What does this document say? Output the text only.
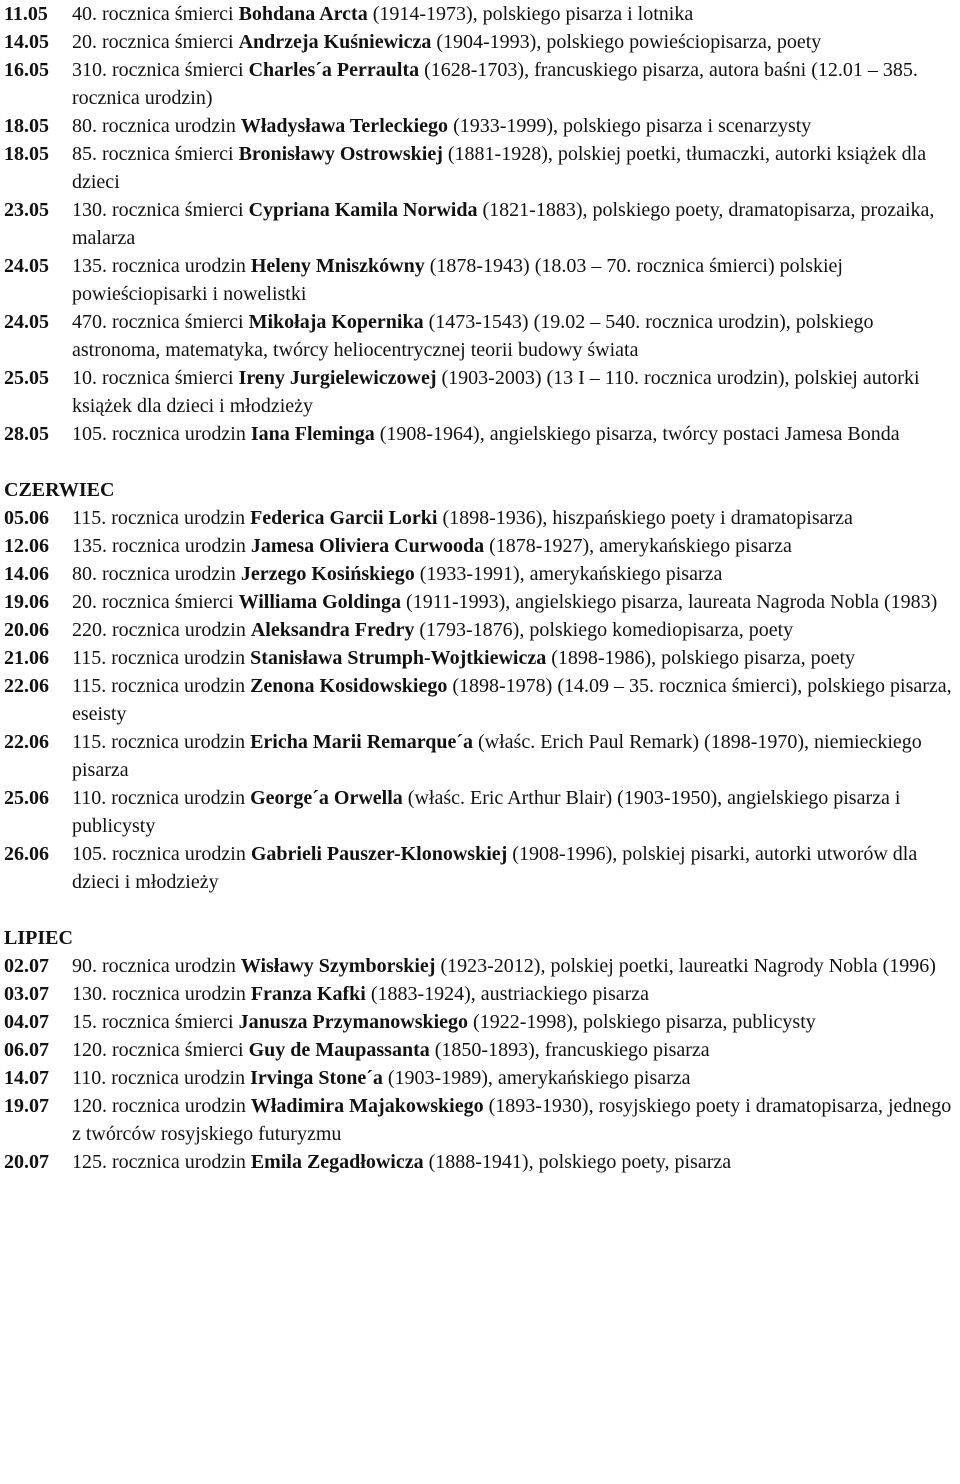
11.05 40. rocznica śmierci Bohdana Arcta (1914-1973), polskiego pisarza i lotnika
14.05 20. rocznica śmierci Andrzeja Kuśniewicza (1904-1993), polskiego powieściopisarza, poety
16.05 310. rocznica śmierci Charles´a Perraulta (1628-1703), francuskiego pisarza, autora baśni (12.01 – 385. rocznica urodzin)
18.05 80. rocznica urodzin Władysława Terleckiego (1933-1999), polskiego pisarza i scenarzysty
18.05 85. rocznica śmierci Bronisławy Ostrowskiej (1881-1928), polskiej poetki, tłumaczki, autorki książek dla dzieci
23.05 130. rocznica śmierci Cypriana Kamila Norwida (1821-1883), polskiego poety, dramatopisarza, prozaika, malarza
24.05 135. rocznica urodzin Heleny Mniszkówny (1878-1943) (18.03 – 70. rocznica śmierci) polskiej powieściopisarki i nowelistki
24.05 470. rocznica śmierci Mikołaja Kopernika (1473-1543) (19.02 – 540. rocznica urodzin), polskiego astronoma, matematyka, twórcy heliocentrycznej teorii budowy świata
25.05 10. rocznica śmierci Ireny Jurgielewiczowej (1903-2003) (13 I – 110. rocznica urodzin), polskiej autorki książek dla dzieci i młodzieży
28.05 105. rocznica urodzin Iana Fleminga (1908-1964), angielskiego pisarza, twórcy postaci Jamesa Bonda
CZERWIEC
05.06 115. rocznica urodzin Federica Garcii Lorki (1898-1936), hiszpańskiego poety i dramatopisarza
12.06 135. rocznica urodzin Jamesa Oliviera Curwooda (1878-1927), amerykańskiego pisarza
14.06 80. rocznica urodzin Jerzego Kosińskiego (1933-1991), amerykańskiego pisarza
19.06 20. rocznica śmierci Williama Goldinga (1911-1993), angielskiego pisarza, laureata Nagroda Nobla (1983)
20.06 220. rocznica urodzin Aleksandra Fredry (1793-1876), polskiego komediopisarza, poety
21.06 115. rocznica urodzin Stanisława Strumph-Wojtkiewicza (1898-1986), polskiego pisarza, poety
22.06 115. rocznica urodzin Zenona Kosidowskiego (1898-1978) (14.09 – 35. rocznica śmierci), polskiego pisarza, eseisty
22.06 115. rocznica urodzin Ericha Marii Remarque´a (właśc. Erich Paul Remark) (1898-1970), niemieckiego pisarza
25.06 110. rocznica urodzin George´a Orwella (właśc. Eric Arthur Blair) (1903-1950), angielskiego pisarza i publicysty
26.06 105. rocznica urodzin Gabrieli Pauszer-Klonowskiej (1908-1996), polskiej pisarki, autorki utworów dla dzieci i młodzieży
LIPIEC
02.07 90. rocznica urodzin Wisławy Szymborskiej (1923-2012), polskiej poetki, laureatki Nagrody Nobla (1996)
03.07 130. rocznica urodzin Franza Kafki (1883-1924), austriackiego pisarza
04.07 15. rocznica śmierci Janusza Przymanowskiego (1922-1998), polskiego pisarza, publicysty
06.07 120. rocznica śmierci Guy de Maupassanta (1850-1893), francuskiego pisarza
14.07 110. rocznica urodzin Irvinga Stone´a (1903-1989), amerykańskiego pisarza
19.07 120. rocznica urodzin Władimira Majakowskiego (1893-1930), rosyjskiego poety i dramatopisarza, jednego z twórców rosyjskiego futuryzmu
20.07 125. rocznica urodzin Emila Zegadłowicza (1888-1941), polskiego poety, pisarza
